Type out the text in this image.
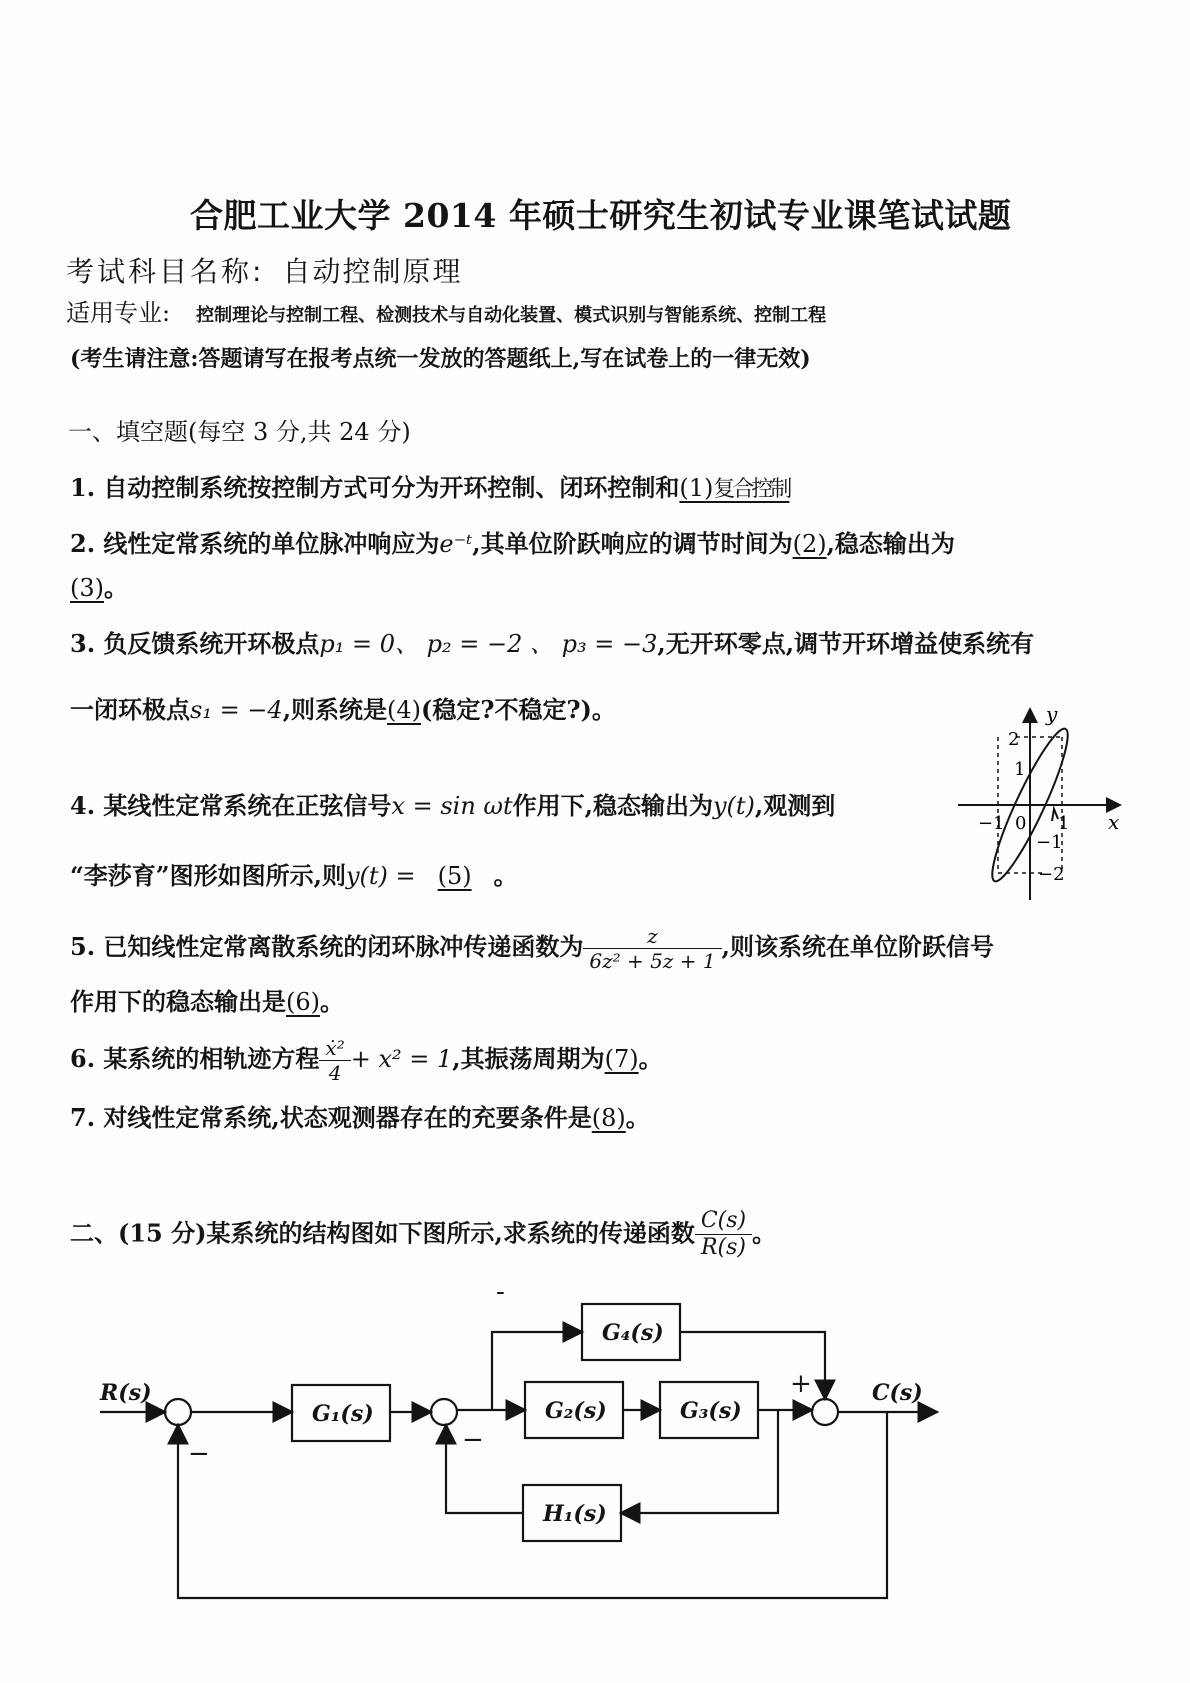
合肥工业大学 2014 年硕士研究生初试专业课笔试试题
考试科目名称: 自动控制原理
适用专业: 控制理论与控制工程、检测技术与自动化装置、模式识别与智能系统、控制工程
(考生请注意:答题请写在报考点统一发放的答题纸上,写在试卷上的一律无效)
一、填空题(每空 3 分,共 24 分)
1. 自动控制系统按控制方式可分为开环控制、闭环控制和(1)复合控制
2. 线性定常系统的单位脉冲响应为e⁻ᵗ,其单位阶跃响应的调节时间为(2),稳态输出为
(3)。
3. 负反馈系统开环极点p₁ = 0、 p₂ = −2 、 p₃ = −3,无开环零点,调节开环增益使系统有
一闭环极点s₁ = −4,则系统是(4)(稳定?不稳定?)。
4. 某线性定常系统在正弦信号x = sin ωt作用下,稳态输出为y(t),观测到
“李莎育”图形如图所示,则y(t) = (5) 。
y
x
2
1
−1 0 1
−1
−2
5. 已知线性定常离散系统的闭环脉冲传递函数为 $\frac{z}{\text{6z² + 5z + 1}}$ ,则该系统在单位阶跃信号
作用下的稳态输出是(6)。
6. 某系统的相轨迹方程 $\frac{\text{ẋ²}}{4} + x^2 = 1$,其振荡周期为(7)。
7. 对线性定常系统,状态观测器存在的充要条件是(8)。
二、(15 分)某系统的结构图如下图所示,求系统的传递函数 $\frac{C(s)}{R(s)}$ 。
R(s)	C(s)
G₁(s)	G₂(s)	G₃(s)
G₄(s)
H₁(s)
−	−
-
+
